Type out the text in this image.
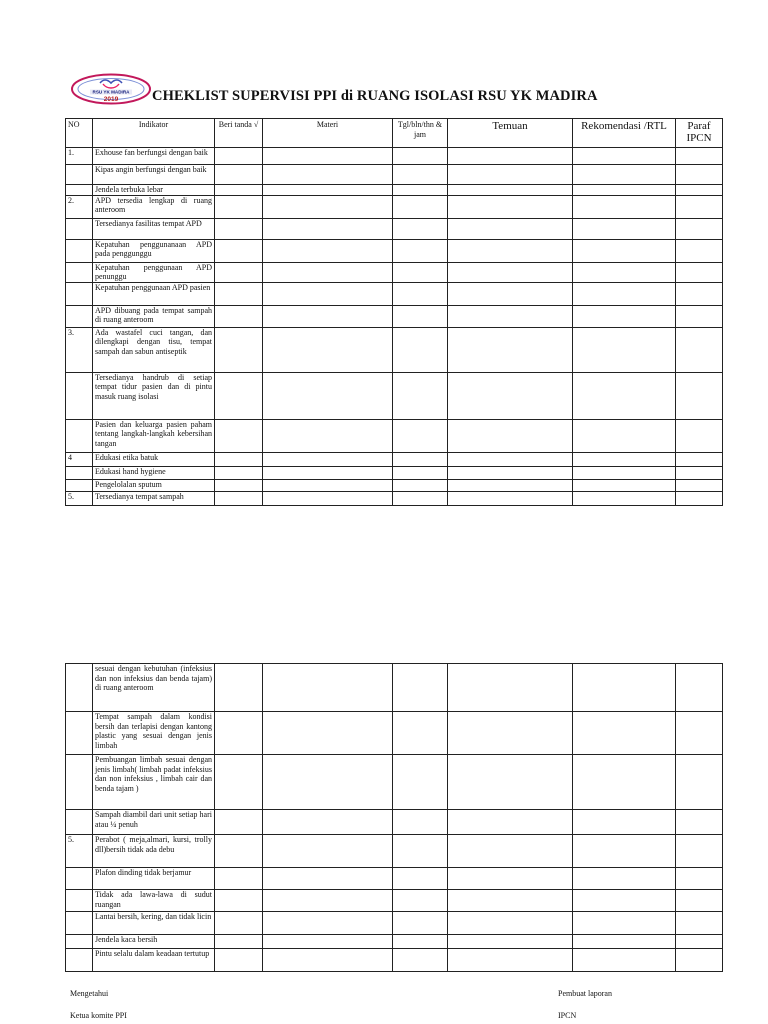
RSU YK MADIRA
2019 CHEKLIST SUPERVISI PPI di RUANG ISOLASI RSU YK MADIRA
NO	Indikator	Beri tanda √	Materi	Tgl/bln/thn & jam	Temuan	Rekomendasi /RTL	Paraf IPCN
1.	Exhouse fan berfungsi dengan baik						
	Kipas angin berfungsi dengan baik						
	Jendela terbuka lebar						
2.	APD tersedia lengkap di ruang anteroom						
	Tersedianya fasilitas tempat APD						
	Kepatuhan penggunanaan APD pada penggunggu						
	Kepatuhan penggunaan APD penunggu						
	Kepatuhan penggunaan APD pasien						
	APD dibuang pada tempat sampah di ruang anteroom						
3.	Ada wastafel cuci tangan, dan dilengkapi dengan tisu, tempat sampah dan sabun antiseptik						
	Tersedianya handrub di setiap tempat tidur pasien dan di pintu masuk ruang isolasi						
	Pasien dan keluarga pasien paham tentang langkah-langkah kebersihan tangan						
4	Edukasi etika batuk						
	Edukasi hand hygiene						
	Pengelolalan sputum						
5.	Tersedianya tempat sampah						
	sesuai dengan kebutuhan (infeksius dan non infeksius dan benda tajam) di ruang anteroom						
	Tempat sampah dalam kondisi bersih dan terlapisi dengan kantong plastic yang sesuai dengan jenis limbah						
	Pembuangan limbah sesuai dengan jenis limbah( limbah padat infeksius dan non infeksius , limbah cair dan benda tajam )						
	Sampah diambil dari unit setiap hari atau ¼ penuh						
5.	Perabot ( meja,almari, kursi, trolly dll)bersih tidak ada debu						
	Plafon dinding tidak berjamur						
	Tidak ada lawa-lawa di sudut ruangan						
	Lantai bersih, kering, dan tidak licin						
	Jendela kaca bersih						
	Pintu selalu dalam keadaan tertutup						
Mengetahui
Ketua komite PPI
Pembuat laporan
IPCN
